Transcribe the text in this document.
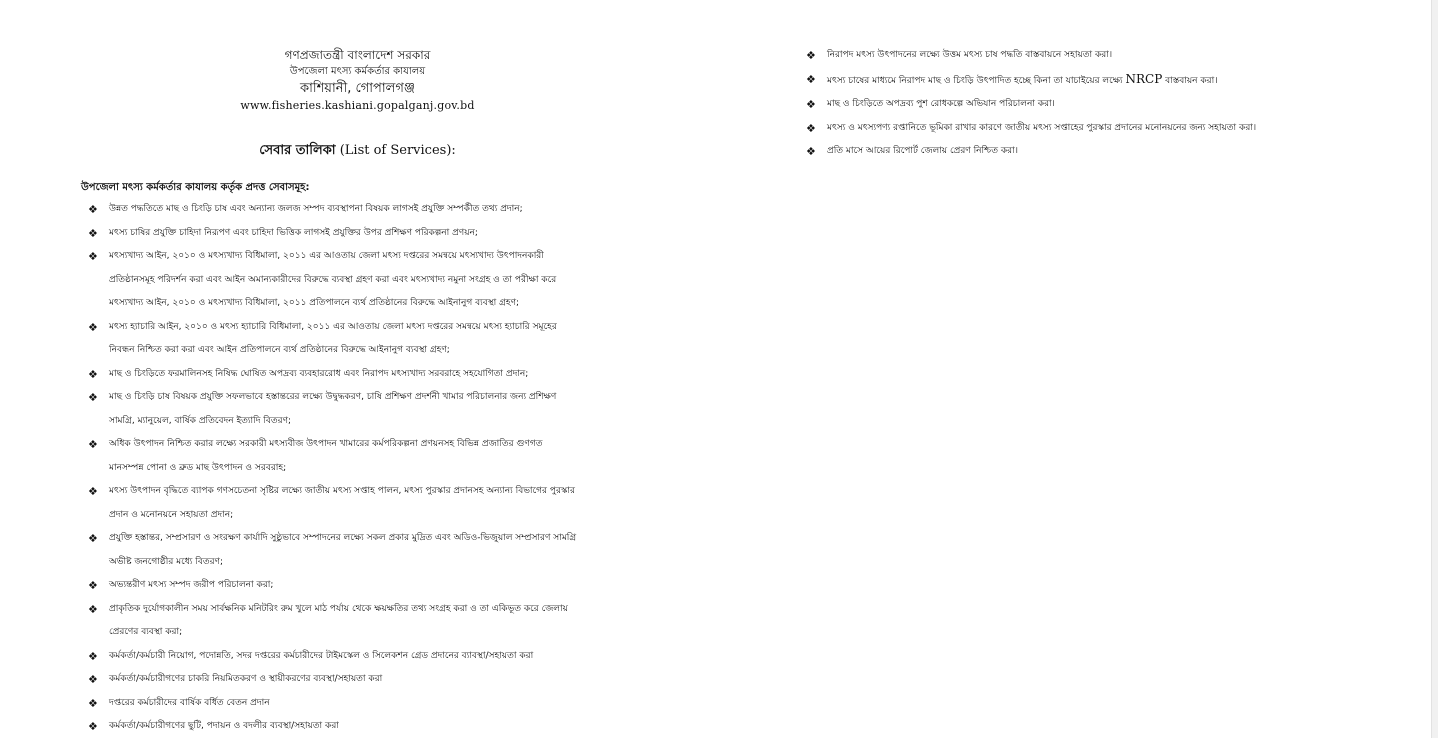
গণপ্রজাতন্ত্রী বাংলাদেশ সরকার
উপজেলা মৎস্য কর্মকর্তার কাযালয়
কাশিয়ানী, গোপালগঞ্জ
www.fisheries.kashiani.gopalganj.gov.bd
সেবার তালিকা (List of Services):
উপজেলা মৎস্য কর্মকর্তার কাযালয় কর্তৃক প্রদত্ত সেবাসমূহ:
❖ উন্নত পদ্ধতিতে মাছ ও চিংড়ি চাষ এবং অন্যান্য জলজ সম্পদ ব্যবস্থাপনা বিষয়ক লাগসই প্রযুক্তি সম্পর্কীত তথ্য প্রদান;
❖ মৎস্য চাষির প্রযুক্তি চাহিদা নিরূপণ এবং চাহিদা ভিত্তিক লাগসই প্রযুক্তির উপর প্রশিক্ষণ পরিকল্পনা প্রণয়ন;
❖ মৎস্যখাদ্য আইন, ২০১০ ও মৎস্যখাদ্য বিধিমালা, ২০১১ এর আওতায় জেলা মৎস্য দপ্তরের সমন্বয়ে মৎস্যখাদ্য উৎপাদনকারী
প্রতিষ্ঠানসমূহ পরিদর্শন করা এবং আইন অমান্যকারীদের বিরুদ্ধে ব্যবস্থা গ্রহণ করা এবং মৎস্যখাদ্য নমুনা সংগ্রহ ও তা পরীক্ষা করে
মৎস্যখাদ্য আইন, ২০১০ ও মৎস্যখাদ্য বিধিমালা, ২০১১ প্রতিপালনে ব্যর্থ প্রতিষ্ঠানের বিরুদ্ধে আইনানুগ ব্যবস্থা গ্রহণ;
❖ মৎস্য হ্যাচারি আইন, ২০১০ ও মৎস্য হ্যাচারি বিধিমালা, ২০১১ এর আওতায় জেলা মৎস্য দপ্তরের সমন্বয়ে মৎস্য হ্যাচারি সমূহের
নিবন্ধন নিশ্চিত করা করা এবং আইন প্রতিপালনে ব্যর্থ প্রতিষ্ঠানের বিরুদ্ধে আইনানুগ ব্যবস্থা গ্রহণ;
❖ মাছ ও চিংড়িতে ফরমালিনসহ নিষিদ্ধ ঘোষিত অপদ্রব্য ব্যবহাররোধ এবং নিরাপদ মৎস্যখাদ্য সরবরাহে সহযোগিতা প্রদান;
❖ মাছ ও চিংড়ি চাষ বিষয়ক প্রযুক্তি সফলভাবে হস্তান্তরের লক্ষ্যে উদ্বুদ্ধকরণ, চাষি প্রশিক্ষণ প্রদর্শনী খামার পরিচালনার জন্য প্রশিক্ষণ
সামগ্রি, ম্যানুয়েল, বার্ষিক প্রতিবেদন ইত্যাদি বিতরণ;
❖ অধিক উৎপাদন নিশ্চিত করার লক্ষ্যে সরকারী মৎস্যবীজ উৎপাদন খামারের কর্মপরিকল্পনা প্রণয়নসহ বিভিন্ন প্রজাতির গুণগত
মানসম্পন্ন পোনা ও ব্রুড মাছ উৎপাদন ও সরবরাহ;
❖ মৎস্য উৎপাদন বৃদ্ধিতে ব্যাপক গণসচেতনা সৃষ্টির লক্ষ্যে জাতীয় মৎস্য সপ্তাহ পালন, মৎস্য পুরস্কার প্রদানসহ অন্যান্য বিভাগের পুরস্কার
প্রদান ও মনোনয়নে সহায়তা প্রদান;
❖ প্রযুক্তি হস্তান্তর, সম্প্রসারণ ও সংরক্ষণ কার্যাদি সুষ্ঠুভাবে সম্পাদনের লক্ষ্যে সকল প্রকার মুদ্রিত এবং অডিও-ভিজুয়াল সম্প্রসারণ সামগ্রি
অভীষ্ট জনগোষ্ঠীর মধ্যে বিতরণ;
❖ অভ্যন্তরীণ মৎস্য সম্পদ জরীপ পরিচালনা করা;
❖ প্রাকৃতিক দুর্যোগকালীন সময় সার্বক্ষনিক মনিটরিং রুম খুলে মাঠ পর্যায় থেকে ক্ষয়ক্ষতির তথ্য সংগ্রহ করা ও তা একিভূত করে জেলায়
প্রেরণের ব্যবস্থা করা;
❖ কর্মকর্তা/কর্মচারী নিয়োগ, পদোন্নতি, সদর দপ্তরের কর্মচারীদের টাইমস্কেল ও সিলেকশন গ্রেড প্রদানের ব্যাবস্থা/সহায়তা করা
❖ কর্মকর্তা/কর্মচারীগণের চাকরি নিয়মিতকরণ ও স্থায়ীকরণের ব্যবস্থা/সহায়তা করা
❖ দপ্তরের কর্মচারীদের বার্ষিক বর্ধিত বেতন প্রদান
❖ কর্মকর্তা/কর্মচারীগণের ছুটি, পদায়ন ও বদলীর ব্যবস্থা/সহায়তা করা
❖ নিরাপদ মৎস্য উৎপাদনের লক্ষ্যে উত্তম মৎস্য চাষ পদ্ধতি বাস্তবায়নে সহায়তা করা।
❖ মৎস্য চাষের মাধ্যমে নিরাপদ মাছ ও চিংড়ি উৎপাদিত হচ্ছে কিনা তা যাচাইয়ের লক্ষ্যে NRCP বাস্তবায়ন করা।
❖ মাছ ও চিংড়িতে অপদ্রব্য পুশ রোধকল্পে অভিযান পরিচালনা করা।
❖ মৎস্য ও মৎস্যপণ্য রপ্তানিতে ভূমিকা রাখার কারণে জাতীয় মৎস্য সপ্তাহের পুরস্কার প্রদানের মনোনয়নের জন্য সহায়তা করা।
❖ প্রতি মাসে আয়ের রিপোর্ট জেলায় প্রেরণ নিশ্চিত করা।
